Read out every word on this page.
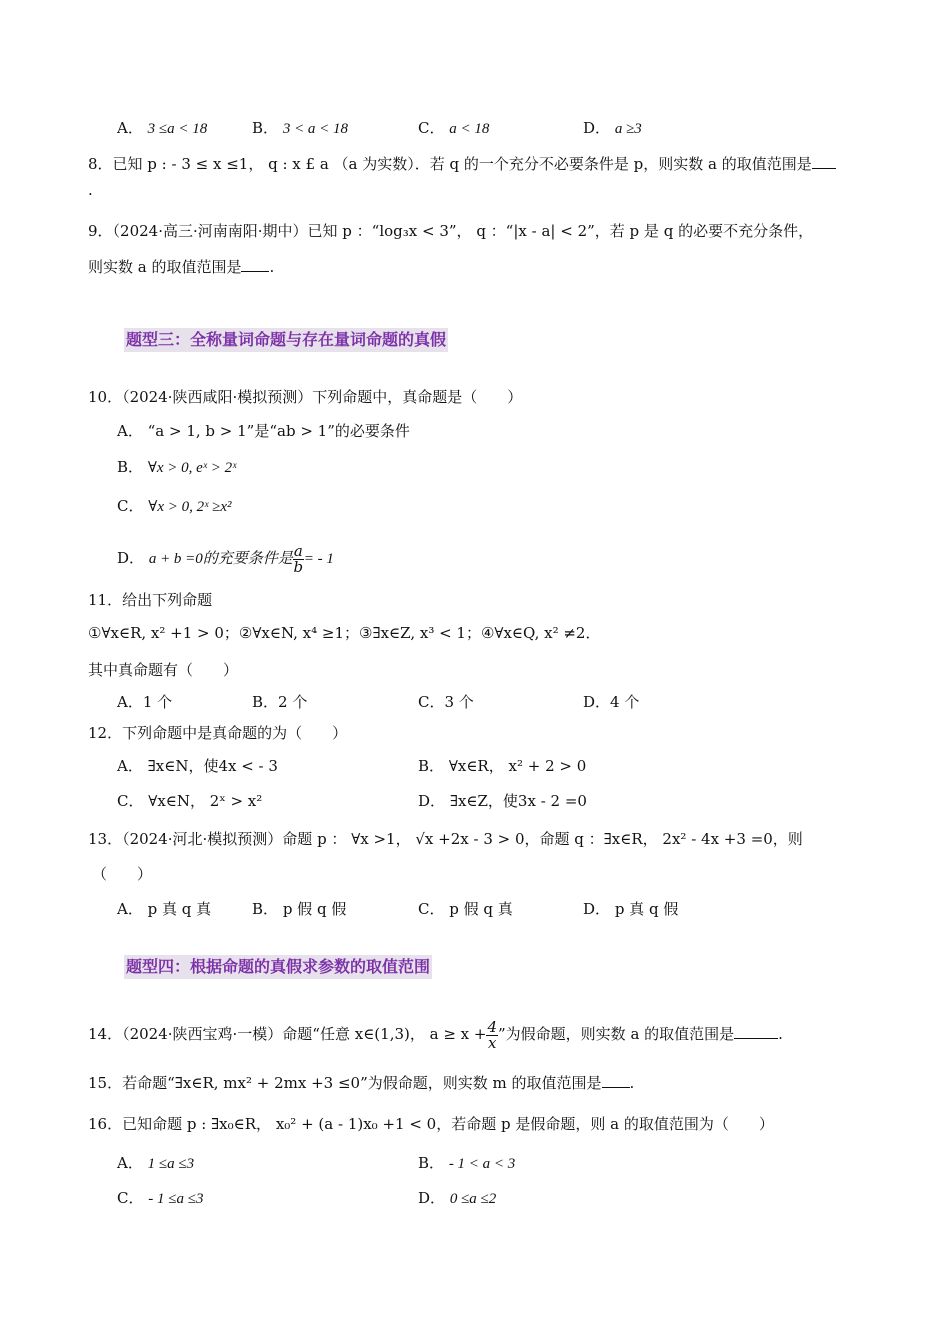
A． 3 ≤a < 18	B． 3 < a < 18	C． a < 18	D． a ≥3
8．已知 p : - 3 ≤ x ≤1， q : x £ a （a 为实数）．若 q 的一个充分不必要条件是 p，则实数 a 的取值范围是
.
9．（2024·高三·河南南阳·期中）已知 p ：“log₃x < 3”， q ：“|x - a| < 2”，若 p 是 q 的必要不充分条件，
则实数 a 的取值范围是 .
题型三：全称量词命题与存在量词命题的真假
10．（2024·陕西咸阳·模拟预测）下列命题中，真命题是（　　）
A． “a > 1, b > 1”是“ab > 1”的必要条件
B． ∀x > 0, eˣ > 2ˣ
C． ∀x > 0, 2ˣ ≥x²
D． a + b =0的充要条件是 $\frac{a}{b}$ = - 1
11．给出下列命题
①∀x∈R, x² +1 > 0；②∀x∈N, x⁴ ≥1；③∃x∈Z, x³ < 1；④∀x∈Q, x² ≠2．
其中真命题有（　　）
A．1 个	B．2 个	C．3 个	D．4 个
12．下列命题中是真命题的为（　　）
A． ∃x∈N，使4x < - 3	B． ∀x∈R， x² + 2 > 0
C． ∀x∈N， 2ˣ > x²	D． ∃x∈Z，使3x - 2 =0
13．（2024·河北·模拟预测）命题 p ： ∀x >1， √x +2x - 3 > 0，命题 q ：∃x∈R， 2x² - 4x +3 =0，则
（　　）
A． p 真 q 真	B． p 假 q 假	C． p 假 q 真	D． p 真 q 假
题型四：根据命题的真假求参数的取值范围
14．（2024·陕西宝鸡·一模）命题“任意 x∈(1,3)， $a \ge x + \frac{4}{x}$ ”为假命题，则实数 a 的取值范围是	.
15．若命题“∃x∈R, mx² + 2mx +3 ≤0”为假命题，则实数 m 的取值范围是 .
16．已知命题 p : ∃x₀∈R， x₀² + (a - 1)x₀ +1 < 0，若命题 p 是假命题，则 a 的取值范围为（　　）
A． 1 ≤a ≤3	B． - 1 < a < 3
C． - 1 ≤a ≤3	D． 0 ≤a ≤2
